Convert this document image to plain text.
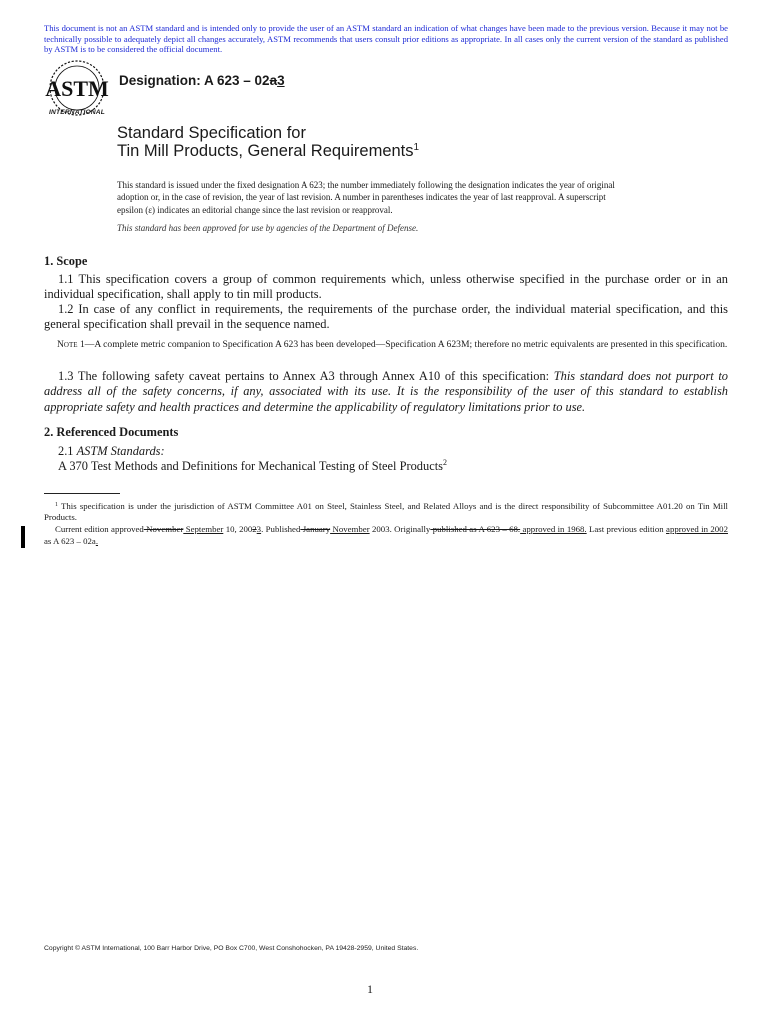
This document is not an ASTM standard and is intended only to provide the user of an ASTM standard an indication of what changes have been made to the previous version. Because it may not be technically possible to adequately depict all changes accurately, ASTM recommends that users consult prior editions as appropriate. In all cases only the current version of the standard as published by ASTM is to be considered the official document.
ASTM
INTERNATIONAL
Designation: A 623 – 02a3
Standard Specification for
Tin Mill Products, General Requirements$^1$
This standard is issued under the fixed designation A 623; the number immediately following the designation indicates the year of original adoption or, in the case of revision, the year of last revision. A number in parentheses indicates the year of last reapproval. A superscript epsilon (ε) indicates an editorial change since the last revision or reapproval.
This standard has been approved for use by agencies of the Department of Defense.
1. Scope
1.1 This specification covers a group of common requirements which, unless otherwise specified in the purchase order or in an individual specification, shall apply to tin mill products.
1.2 In case of any conflict in requirements, the requirements of the purchase order, the individual material specification, and this general specification shall prevail in the sequence named.
Note 1—A complete metric companion to Specification A 623 has been developed—Specification A 623M; therefore no metric equivalents are presented in this specification.
1.3 The following safety caveat pertains to Annex A3 through Annex A10 of this specification: This standard does not purport to address all of the safety concerns, if any, associated with its use. It is the responsibility of the user of this standard to establish appropriate safety and health practices and determine the applicability of regulatory limitations prior to use.
2. Referenced Documents
2.1 ASTM Standards:
A 370 Test Methods and Definitions for Mechanical Testing of Steel Products$^2$
$^1$ This specification is under the jurisdiction of ASTM Committee A01 on Steel, Stainless Steel, and Related Alloys and is the direct responsibility of Subcommittee A01.20 on Tin Mill Products.
Current edition approved November September 10, 20023. Published January November 2003. Originally published as A 623 – 68. approved in 1968. Last previous edition approved in 2002 as A 623 – 02a.
Copyright © ASTM International, 100 Barr Harbor Drive, PO Box C700, West Conshohocken, PA 19428-2959, United States.
1
